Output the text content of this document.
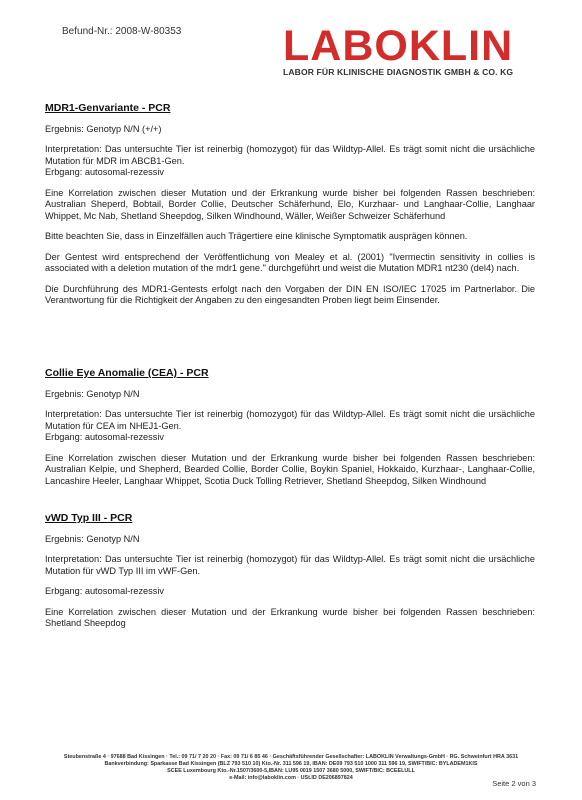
Befund-Nr.: 2008-W-80353 LABOKLIN
LABOR FÜR KLINISCHE DIAGNOSTIK GMBH & CO. KG
MDR1-Genvariante - PCR
Ergebnis: Genotyp N/N (+/+)
Interpretation: Das untersuchte Tier ist reinerbig (homozygot) für das Wildtyp-Allel. Es trägt somit nicht die ursächliche Mutation für MDR im ABCB1-Gen.
Erbgang: autosomal-rezessiv
Eine Korrelation zwischen dieser Mutation und der Erkrankung wurde bisher bei folgenden Rassen beschrieben: Australian Sheperd, Bobtail, Border Collie, Deutscher Schäferhund, Elo, Kurzhaar- und Langhaar-Collie, Langhaar Whippet, Mc Nab, Shetland Sheepdog, Silken Windhound, Wäller, Weißer Schweizer Schäferhund
Bitte beachten Sie, dass in Einzelfällen auch Trägertiere eine klinische Symptomatik ausprägen können.
Der Gentest wird entsprechend der Veröffentlichung von Mealey et al. (2001) "Ivermectin sensitivity in collies is associated with a deletion mutation of the mdr1 gene." durchgeführt und weist die Mutation MDR1 nt230 (del4) nach.
Die Durchführung des MDR1-Gentests erfolgt nach den Vorgaben der DIN EN ISO/IEC 17025 im Partnerlabor. Die Verantwortung für die Richtigkeit der Angaben zu den eingesandten Proben liegt beim Einsender.
Collie Eye Anomalie (CEA) - PCR
Ergebnis: Genotyp N/N
Interpretation: Das untersuchte Tier ist reinerbig (homozygot) für das Wildtyp-Allel. Es trägt somit nicht die ursächliche Mutation für CEA im NHEJ1-Gen.
Erbgang: autosomal-rezessiv
Eine Korrelation zwischen dieser Mutation und der Erkrankung wurde bisher bei folgenden Rassen beschrieben: Australian Kelpie, und Shepherd, Bearded Collie, Border Collie, Boykin Spaniel, Hokkaido, Kurzhaar-, Langhaar-Collie, Lancashire Heeler, Langhaar Whippet, Scotia Duck Tolling Retriever, Shetland Sheepdog, Silken Windhound
vWD Typ III - PCR
Ergebnis: Genotyp N/N
Interpretation: Das untersuchte Tier ist reinerbig (homozygot) für das Wildtyp-Allel. Es trägt somit nicht die ursächliche Mutation für vWD Typ III im vWF-Gen.
Erbgang: autosomal-rezessiv
Eine Korrelation zwischen dieser Mutation und der Erkrankung wurde bisher bei folgenden Rassen beschrieben: Shetland Sheepdog
Steubenstraße 4 · 97688 Bad Kissingen · Tel.: 09 71/ 7 20 20 · Fax: 09 71/ 6 85 46 · Geschäftsführender Gesellschafter: LABOKLIN Verwaltungs-GmbH · RG. Schweinfurt HRA 3631
Bankverbindung: Sparkasse Bad Kissingen (BLZ 793 510 10) Kto.-Nr. 311 596 19, IBAN: DE09 793 510 1000 311 596 19, SWIFT/BIC: BYLADEM1KIS
SCEE Luxembourg Kto.-Nr.1507/3600-5,IBAN: LU95 0019 1507 3680 5000, SWIFT/BIC: BCEELULL
e-Mail: info@laboklin.com · USt.ID DE206897824
Seite 2 von 3
